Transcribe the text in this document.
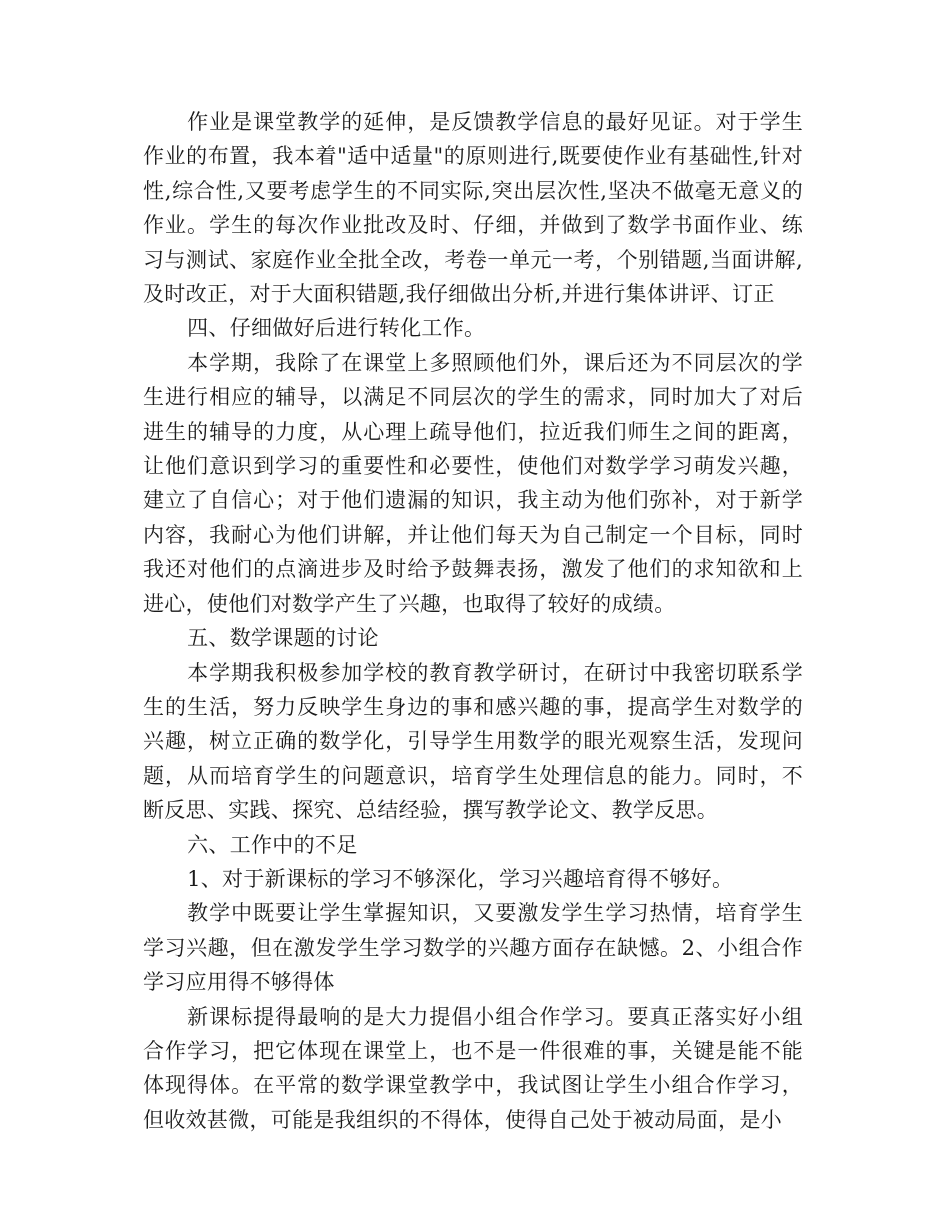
作业是课堂教学的延伸，是反馈教学信息的最好见证。对于学生作业的布置，我本着"适中适量"的原则进行,既要使作业有基础性,针对性,综合性,又要考虑学生的不同实际,突出层次性,坚决不做毫无意义的作业。学生的每次作业批改及时、仔细，并做到了数学书面作业、练习与测试、家庭作业全批全改，考卷一单元一考，个别错题,当面讲解,及时改正，对于大面积错题,我仔细做出分析,并进行集体讲评、订正

四、仔细做好后进行转化工作。

本学期，我除了在课堂上多照顾他们外，课后还为不同层次的学生进行相应的辅导，以满足不同层次的学生的需求，同时加大了对后进生的辅导的力度，从心理上疏导他们，拉近我们师生之间的距离，让他们意识到学习的重要性和必要性，使他们对数学学习萌发兴趣，建立了自信心；对于他们遗漏的知识，我主动为他们弥补，对于新学内容，我耐心为他们讲解，并让他们每天为自己制定一个目标，同时我还对他们的点滴进步及时给予鼓舞表扬，激发了他们的求知欲和上进心，使他们对数学产生了兴趣，也取得了较好的成绩。

五、数学课题的讨论

本学期我积极参加学校的教育教学研讨，在研讨中我密切联系学生的生活，努力反映学生身边的事和感兴趣的事，提高学生对数学的兴趣，树立正确的数学化，引导学生用数学的眼光观察生活，发现问题，从而培育学生的问题意识，培育学生处理信息的能力。同时，不断反思、实践、探究、总结经验，撰写教学论文、教学反思。

六、工作中的不足

1、对于新课标的学习不够深化，学习兴趣培育得不够好。

教学中既要让学生掌握知识，又要激发学生学习热情，培育学生学习兴趣，但在激发学生学习数学的兴趣方面存在缺憾。2、小组合作学习应用得不够得体

新课标提得最响的是大力提倡小组合作学习。要真正落实好小组合作学习，把它体现在课堂上，也不是一件很难的事，关键是能不能体现得体。在平常的数学课堂教学中，我试图让学生小组合作学习，但收效甚微，可能是我组织的不得体，使得自己处于被动局面，是小
